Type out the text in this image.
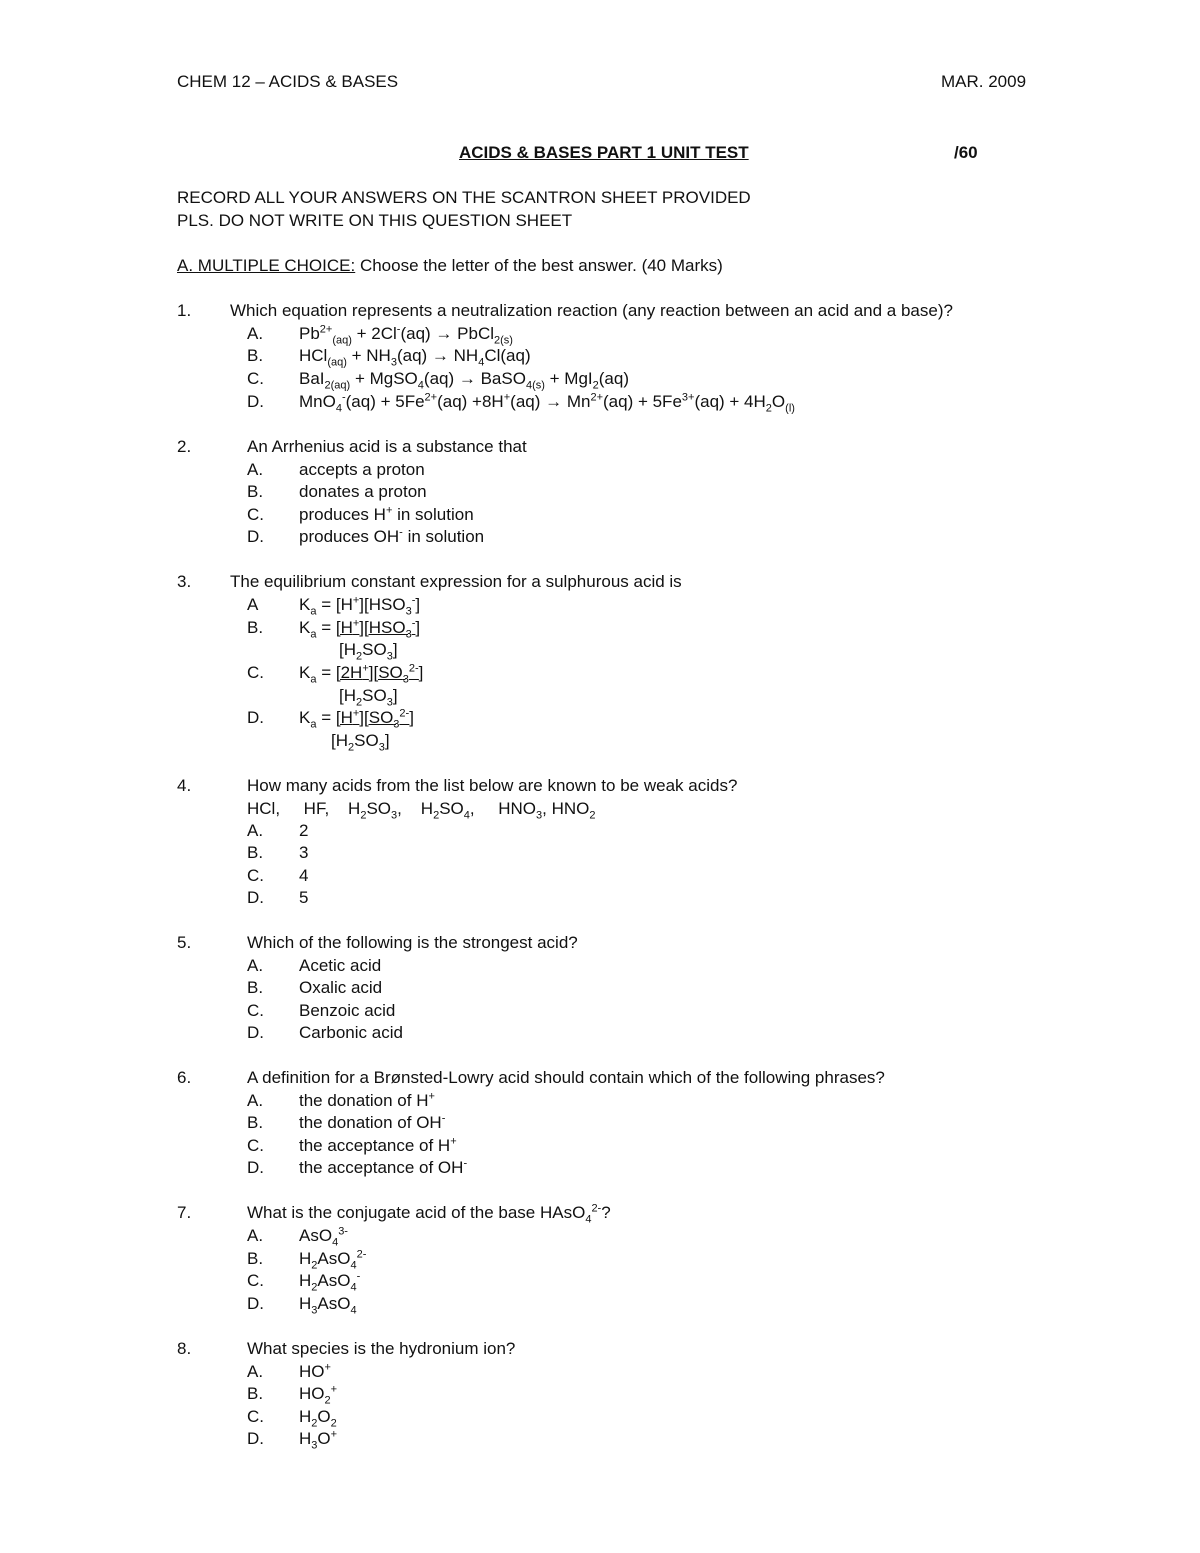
CHEM 12 – ACIDS & BASES	MAR. 2009
ACIDS & BASES PART 1 UNIT TEST	/60
RECORD ALL YOUR ANSWERS ON THE SCANTRON SHEET PROVIDED
PLS. DO NOT WRITE ON THIS QUESTION SHEET
A. MULTIPLE CHOICE: Choose the letter of the best answer. (40 Marks)
1. Which equation represents a neutralization reaction (any reaction between an acid and a base)?
A. $Pb^{2+}_{(aq)} + 2Cl^-(aq)$ → PbCl$_{2(s)}$
B. $HCl_{(aq)} + NH_3(aq) \to NH_4Cl(aq)$
C. BaI$_{2(aq)}$ + MgSO$_4$(aq) → BaSO$_{4(s)}$ + MgI$_2$(aq)
D. $MnO_4^-(aq) + 5Fe^{2+}(aq) +8H^+(aq) \to Mn^{2+}(aq) + 5Fe^{3+}(aq) + 4H_2O_{(l)}$
2.	An Arrhenius acid is a substance that
A. accepts a proton
B. donates a proton
C. produces H+ in solution
D. produces OH- in solution
3. The equilibrium constant expression for a sulphurous acid is
A $K_a = [H^+][HSO_3^-]$
B. $K_a = [H^+][HSO_3^-]$
$[H_2SO_3]$
C. $K_a = [2H^+][SO_3^{2-}]$
$[H_2SO_3]$
D. $K_a = [H^+][SO_3^{2-}]$
$[H_2SO_3]$
4.	How many acids from the list below are known to be weak acids?
HCl,     HF,    $H_2SO_3$,    $H_2SO_4$,     $HNO_3$, $HNO_2$
A. 2
B. 3
C. 4
D. 5
5.	Which of the following is the strongest acid?
A. Acetic acid
B. Oxalic acid
C. Benzoic acid
D. Carbonic acid
6.	A definition for a Brønsted-Lowry acid should contain which of the following phrases?
A. the donation of H+
B. the donation of OH-
C. the acceptance of H+
D. the acceptance of OH-
7.	What is the conjugate acid of the base HAsO$_4^{2-}$?
A. AsO$_4^{3-}$
B. $H_2AsO_4^{2-}$
C. $H_2AsO_4^-$
D. $H_3AsO_4$
8.	What species is the hydronium ion?
A. HO+
B. $HO_2^+$
C. $H_2O_2$
D. $H_3O^+$
